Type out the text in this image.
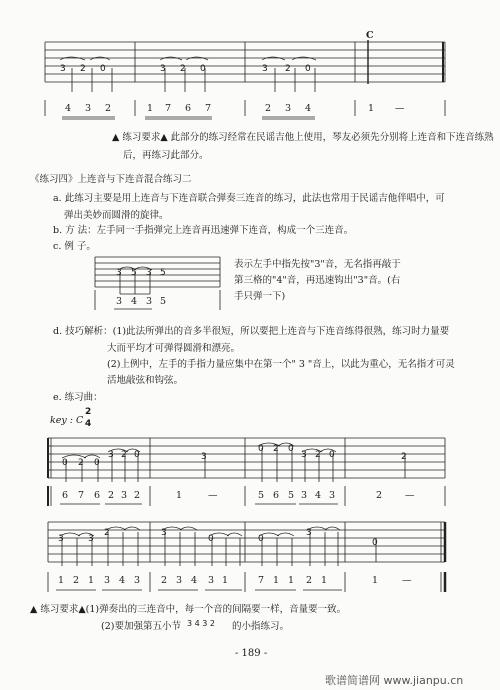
C
3 2 0	3 2 0	3 2 0
4 3 2	1 7 6 7	2 3 4	1 —
▲ 练习要求▲ 此部分的练习经常在民谣吉他上使用，琴友必须先分别将上连音和下连音练熟
后，再练习此部分。
《练习四》上连音与下连音混合练习二
a. 此练习主要是用上连音与下连音联合弹奏三连音的练习，此法也常用于民谣吉他伴唱中，可
弹出美妙而圆滑的旋律。
b. 方 法：左手同一手指弹完上连音再迅速弹下连音，构成一个三连音。
c. 例 子。
3 5 3 5
3 4 3 5
表示左手中指先按"3"音，无名指再敲于
第三格的"4"音，再迅速钩出"3"音。(右
手只弹一下)
d. 技巧解析：(1)此法所弹出的音多半很短，所以要把上连音与下连音练得很熟，练习时力量要
大而平均才可弹得圆滑和漂亮。
(2)上例中，左手的手指力量应集中在第一个" 3 "音上，以此为重心，无名指才可灵
活地敲弦和钩弦。
e. 练习曲：
key : C
2
4
0 2 0
3 2 0	3
0 2 0
3 2 0	2
6 7 6 2 3 2	1	—	5 6 5 3 4 3	2 —
3	3
2	3
0	0
3
0
1 2 1 3 4 3 2 3 4 3 1	7 1 1 2 1	1	—
▲ 练习要求▲(1)弹奏出的三连音中，每一个音的间隔要一样，音量要一致。
(2)要加强第五小节 3 4 3 2 的小指练习。
- 189 -
歌谱简谱网 www.jianpu.cn
